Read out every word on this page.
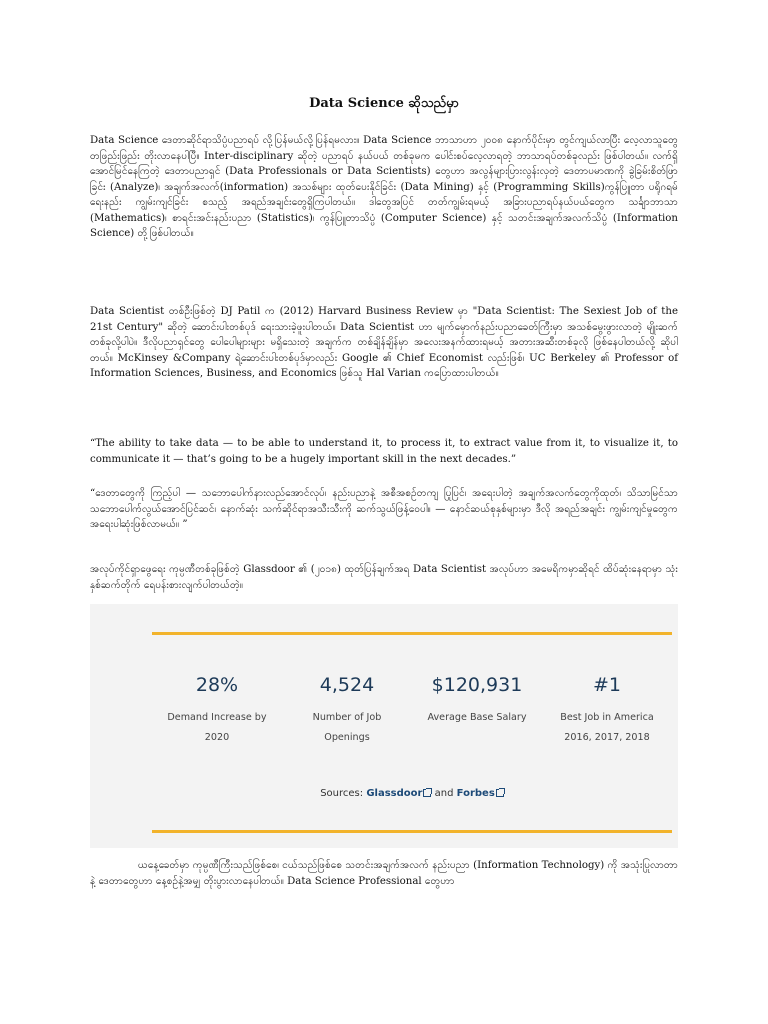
Data Science ဆိုသည်မှာ

Data Science ဒေတာဆိုင်ရာသိပ္ပံပညာရပ် လို့ပြန်မယ်လို့ပြန်ရမလား။ Data Science ဘာသာဟာ ၂၀၀၈ နောက်ပိုင်းမှာ တွင်ကျယ်လာပြီး လေ့လာသူတွေ တဖြည်းဖြည်း တိုးလာနေပါပြီ။ Inter-disciplinary ဆိုတဲ့ ပညာရပ် နယ်ပယ် တစ်ခုမက ပေါင်းစပ်လေ့လာရတဲ့ ဘာသာရပ်တစ်ခုလည်း ဖြစ်ပါတယ်။ လက်ရှိ အောင်မြင်နေကြတဲ့ ဒေတာပညာရှင် (Data Professionals or Data Scientists) တွေဟာ အလွန်များပြားလွန်းလှတဲ့ ဒေတာပမာဏကို ခွဲခြမ်းစိတ်ဖြာခြင်း (Analyze)၊ အချက်အလက်(information) အသစ်များ ထုတ်ပေးနိုင်ခြင်း (Data Mining) နှင့် (Programming Skills)ကွန်ပြူတာ ပရိုဂရမ်ရေးနည်း ကျွမ်းကျင်ခြင်း စသည့် အရည်အချင်းတွေရှိကြပါတယ်။ ဒါတွေအပြင် တတ်ကျွမ်းရမယ့် အခြားပညာရပ်နယ်ပယ်တွေက သင်္ချာဘာသာ (Mathematics)၊ စာရင်းအင်းနည်းပညာ (Statistics)၊ ကွန်ပြူတာသိပ္ပံ (Computer Science) နှင့် သတင်းအချက်အလက်သိပ္ပံ (Information Science) တို့ဖြစ်ပါတယ်။

Data Scientist တစ်ဦးဖြစ်တဲ့ DJ Patil က (2012) Harvard Business Review မှာ "Data Scientist: The Sexiest Job of the 21st Century" ဆိုတဲ့ ဆောင်းပါးတစ်ပုဒ် ရေးသားခဲ့ဖူးပါတယ်။ Data Scientist ဟာ မျက်မှောက်နည်းပညာခေတ်ကြီးမှာ အသစ်မွေးဖွားလာတဲ့ မျိုးဆက်တစ်ခုလို့ပါပဲ။ ဒီလိုပညာရှင်တွေ ပေါပေါများများ မရှိသေးတဲ့ အချက်က တစ်ချိန်ချိန်မှာ အလေးအနက်ထားရမယ့် အတားအဆီးတစ်ခုလို ဖြစ်နေပါတယ်လို့ ဆိုပါတယ်။ McKinsey &Company ရဲ့ဆောင်းပါးတစ်ပုဒ်မှာလည်း Google ၏ Chief Economist လည်းဖြစ်၊ UC Berkeley ၏ Professor of Information Sciences, Business, and Economics ဖြစ်သူ Hal Varian ကပြောထားပါတယ်။

“The ability to take data — to be able to understand it, to process it, to extract value from it, to visualize it, to communicate it — that’s going to be a hugely important skill in the next decades.”

“ဒေတာတွေကို ကြည့်ပါ — သဘောပေါက်နားလည်အောင်လုပ်၊ နည်းပညာနဲ့ အစီအစဉ်တကျ ပြုပြင်၊ အရေးပါတဲ့ အချက်အလက်တွေကိုထုတ်၊ သိသာမြင်သာ သဘောပေါက်လွယ်အောင်ပြင်ဆင်၊ နောက်ဆုံး သက်ဆိုင်ရာအသီးသီးကို ဆက်သွယ်ဖြန့်ဝေပါ။ — နောင်ဆယ်စုနှစ်များမှာ ဒီလို အရည်အချင်း ကျွမ်းကျင်မှုတွေက အရေးပါဆုံးဖြစ်လာမယ်။ ”

အလုပ်ကိုင်ရှာဖွေရေး ကုမ္ပဏီတစ်ခုဖြစ်တဲ့ Glassdoor ၏ (၂၀၁၈) ထုတ်ပြန်ချက်အရ Data Scientist အလုပ်ဟာ အမေရိကမှာဆိုရင် ထိပ်ဆုံးနေရာမှာ သုံးနှစ်ဆက်တိုက် ရေပန်းစားလျက်ပါတယ်တဲ့။

28%
Demand Increase by
2020
4,524
Number of Job
Openings
$120,931
Average Base Salary
#1
Best Job in America
2016, 2017, 2018
Sources: Glassdoor and Forbes

ယနေ့ခေတ်မှာ ကုမ္ပဏီကြီးသည်ဖြစ်စေ၊ ငယ်သည်ဖြစ်စေ သတင်းအချက်အလက် နည်းပညာ (Information Technology) ကို အသုံးပြုလာတာနဲ့ ဒေတာတွေဟာ နေ့စဉ်နဲ့အမျှ တိုးပွားလာနေပါတယ်။ Data Science Professional တွေဟာ
